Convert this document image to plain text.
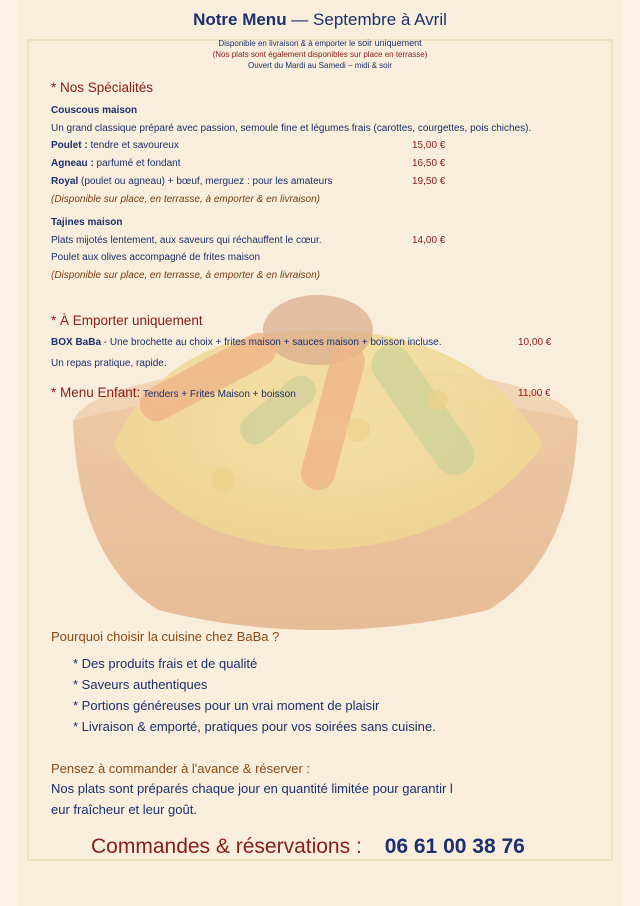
Notre Menu — Septembre à Avril
Disponible en livraison & à emporter le soir uniquement
(Nos plats sont également disponibles sur place en terrasse)
Ouvert du Mardi au Samedi – midi & soir
* Nos Spécialités
Couscous maison
Un grand classique préparé avec passion, semoule fine et légumes frais (carottes, courgettes, pois chiches).
Poulet : tendre et savoureux	15,00 €
Agneau : parfumé et fondant	16,50 €
Royal (poulet ou agneau) + bœuf, merguez : pour les amateurs	19,50 €
(Disponible sur place, en terrasse, à emporter & en livraison)
Tajines maison
Plats mijotés lentement, aux saveurs qui réchauffent le cœur.	14,00 €
Poulet aux olives accompagné de frites maison
(Disponible sur place, en terrasse, à emporter & en livraison)
* À Emporter uniquement
BOX BaBa - Une brochette au choix + frites maison + sauces maison + boisson incluse.	10,00 €
Un repas pratique, rapide.
* Menu Enfant: Tenders + Frites Maison + boisson	11,00 €
Pourquoi choisir la cuisine chez BaBa ?
* Des produits frais et de qualité
* Saveurs authentiques
* Portions généreuses pour un vrai moment de plaisir
* Livraison & emporté, pratiques pour vos soirées sans cuisine.
Pensez à commander à l'avance & réserver :
Nos plats sont préparés chaque jour en quantité limitée pour garantir l
eur fraîcheur et leur goût.
Commandes & réservations : 06 61 00 38 76
